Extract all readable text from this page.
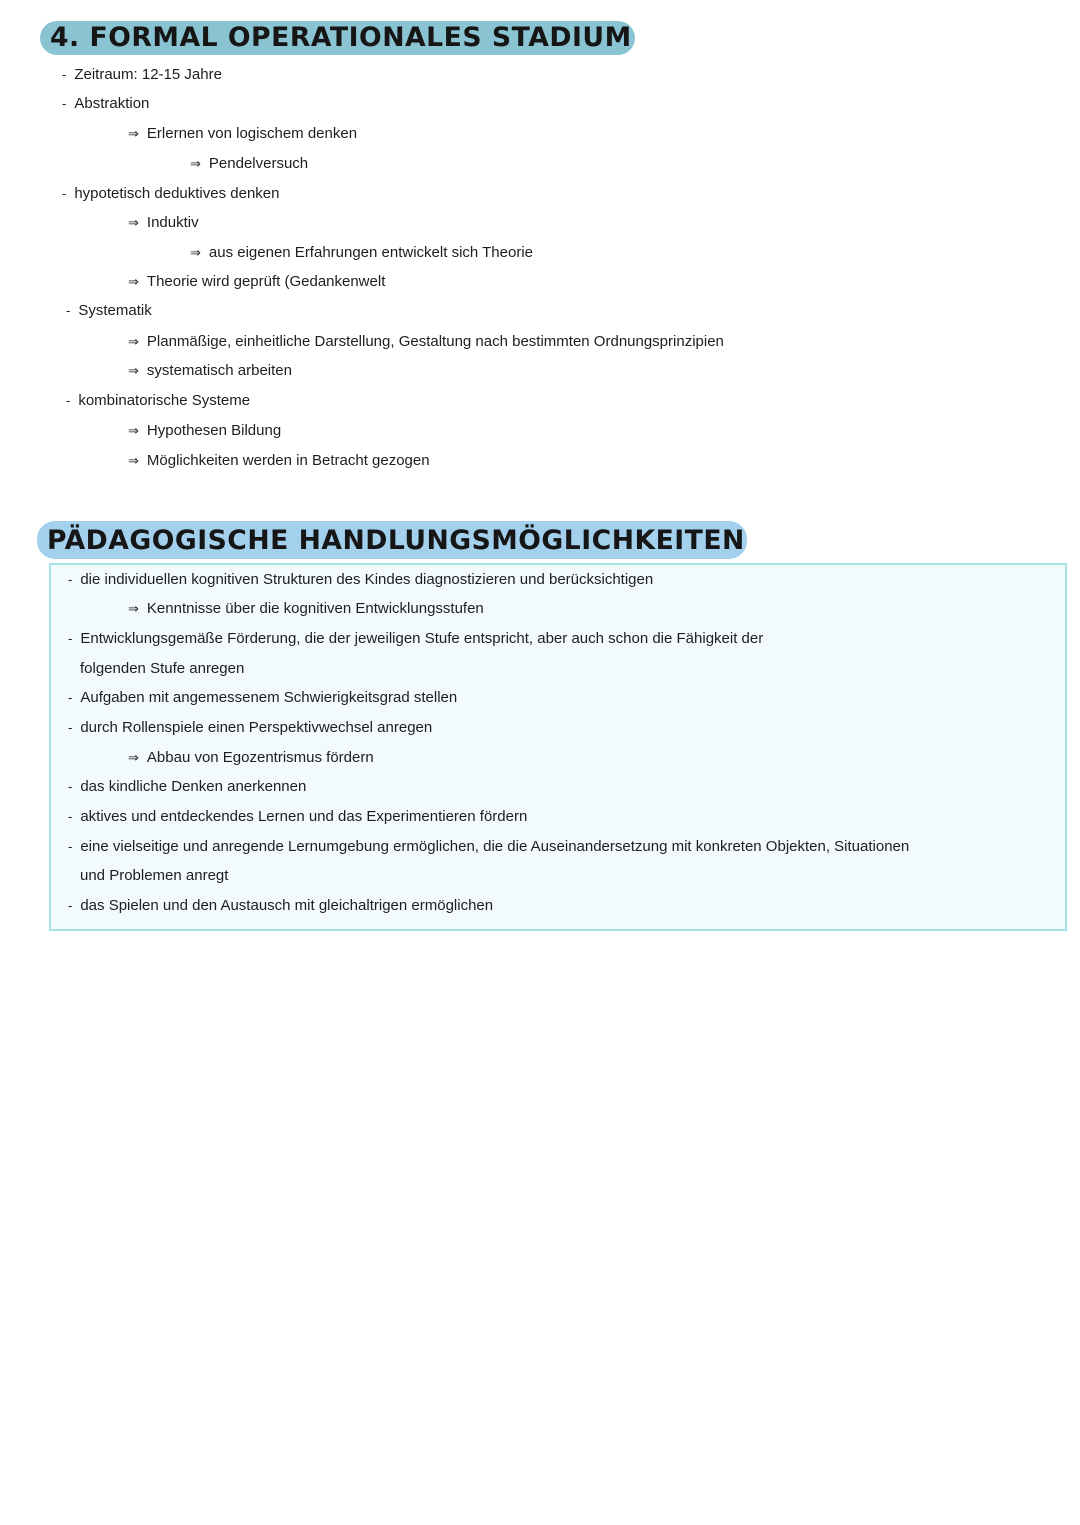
4. FORMAL OPERATIONALES STADIUM
- Zeitraum: 12-15 Jahre
- Abstraktion
⇒ Erlernen von logischem denken
⇒ Pendelversuch
- hypotetisch deduktives denken
⇒ Induktiv
⇒ aus eigenen Erfahrungen entwickelt sich Theorie
⇒ Theorie wird geprüft (Gedankenwelt
- Systematik
⇒ Planmäßige, einheitliche Darstellung, Gestaltung nach bestimmten Ordnungsprinzipien
⇒ systematisch arbeiten
- kombinatorische Systeme
⇒ Hypothesen Bildung
⇒ Möglichkeiten werden in Betracht gezogen
PÄDAGOGISCHE HANDLUNGSMÖGLICHKEITEN
- die individuellen kognitiven Strukturen des Kindes diagnostizieren und berücksichtigen
⇒ Kenntnisse über die kognitiven Entwicklungsstufen
- Entwicklungsgemäße Förderung, die der jeweiligen Stufe entspricht, aber auch schon die Fähigkeit der
folgenden Stufe anregen
- Aufgaben mit angemessenem Schwierigkeitsgrad stellen
- durch Rollenspiele einen Perspektivwechsel anregen
⇒ Abbau von Egozentrismus fördern
- das kindliche Denken anerkennen
- aktives und entdeckendes Lernen und das Experimentieren fördern
- eine vielseitige und anregende Lernumgebung ermöglichen, die die Auseinandersetzung mit konkreten Objekten, Situationen
und Problemen anregt
- das Spielen und den Austausch mit gleichaltrigen ermöglichen
